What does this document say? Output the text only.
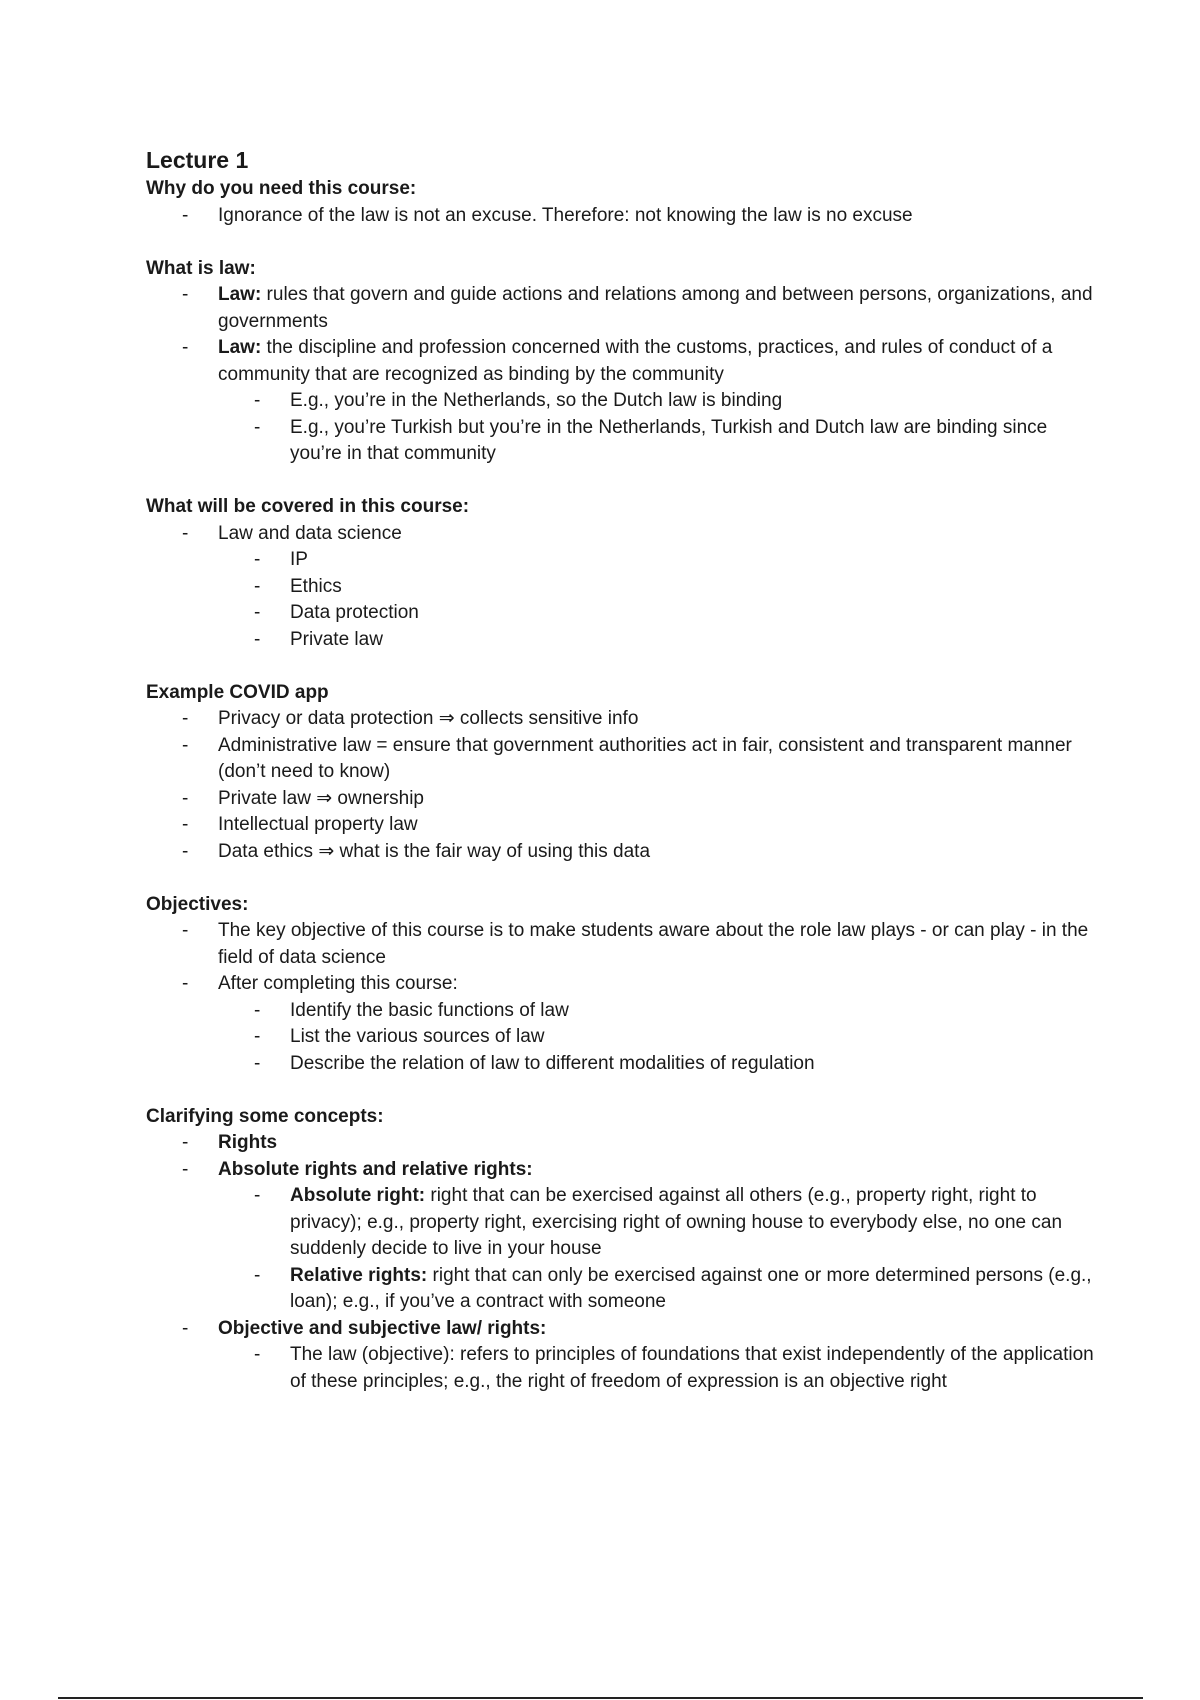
Lecture 1
Why do you need this course:
- Ignorance of the law is not an excuse. Therefore: not knowing the law is no excuse
What is law:
- Law: rules that govern and guide actions and relations among and between persons, organizations, and governments
- Law: the discipline and profession concerned with the customs, practices, and rules of conduct of a community that are recognized as binding by the community
- E.g., you’re in the Netherlands, so the Dutch law is binding
- E.g., you’re Turkish but you’re in the Netherlands, Turkish and Dutch law are binding since you’re in that community
What will be covered in this course:
- Law and data science
- IP
- Ethics
- Data protection
- Private law
Example COVID app
- Privacy or data protection ⇒ collects sensitive info
- Administrative law = ensure that government authorities act in fair, consistent and transparent manner (don’t need to know)
- Private law ⇒ ownership
- Intellectual property law
- Data ethics ⇒ what is the fair way of using this data
Objectives:
- The key objective of this course is to make students aware about the role law plays - or can play - in the field of data science
- After completing this course:
- Identify the basic functions of law
- List the various sources of law
- Describe the relation of law to different modalities of regulation
Clarifying some concepts:
- Rights
- Absolute rights and relative rights:
- Absolute right: right that can be exercised against all others (e.g., property right, right to privacy); e.g., property right, exercising right of owning house to everybody else, no one can suddenly decide to live in your house
- Relative rights: right that can only be exercised against one or more determined persons (e.g., loan); e.g., if you’ve a contract with someone
- Objective and subjective law/ rights:
- The law (objective): refers to principles of foundations that exist independently of the application of these principles; e.g., the right of freedom of expression is an objective right
